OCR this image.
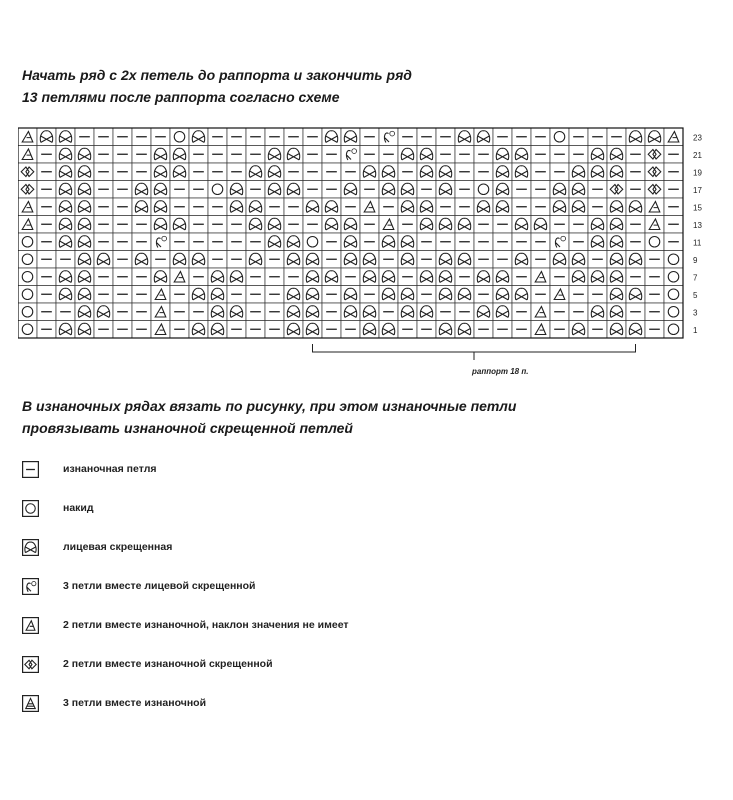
Начать ряд с 2х петель до раппорта и закончить ряд
13 петлями после раппорта согласно схеме
23
21
19
17
15
13
11
9
7
5
3
1
раппорт 18 п.
В изнаночных рядах вязать по рисунку, при этом изнаночные петли
провязывать изнаночной скрещенной петлей
изнаночная петля
накид
лицевая скрещенная
3 петли вместе лицевой скрещенной
2 петли вместе изнаночной, наклон значения не имеет
2 петли вместе изнаночной скрещенной
3 петли вместе изнаночной
